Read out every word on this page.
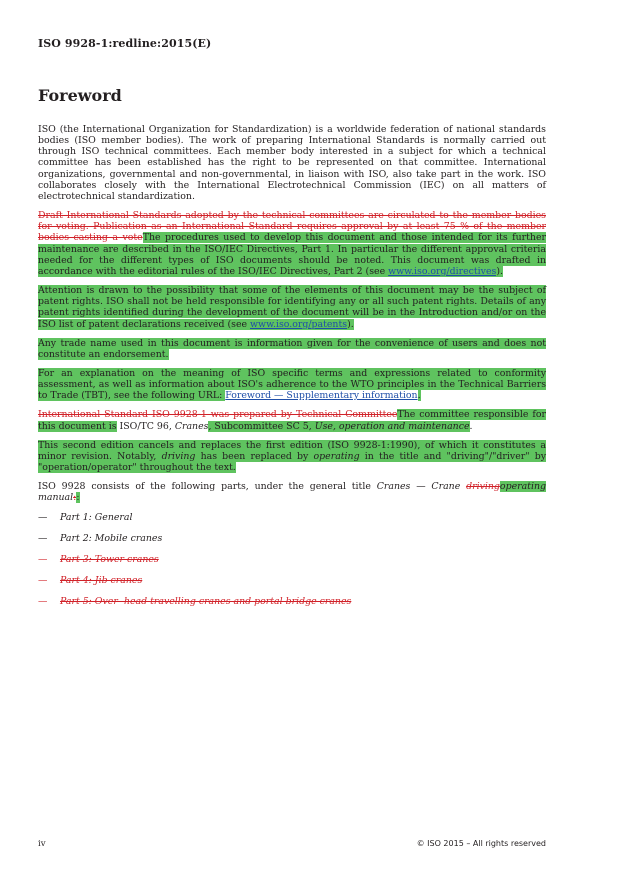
ISO 9928-1:redline:2015(E)
Foreword

ISO (the International Organization for Standardization) is a worldwide federation of national standards bodies (ISO member bodies). The work of preparing International Standards is normally carried out through ISO technical committees. Each member body interested in a subject for which a technical committee has been established has the right to be represented on that committee. International organizations, governmental and non-governmental, in liaison with ISO, also take part in the work. ISO collaborates closely with the International Electrotechnical Commission (IEC) on all matters of electrotechnical standardization.

Draft International Standards adopted by the technical committees are circulated to the member bodies for voting. Publication as an International Standard requires approval by at least 75 % of the member bodies casting a voteThe procedures used to develop this document and those intended for its further maintenance are described in the ISO/IEC Directives, Part 1. In particular the different approval criteria needed for the different types of ISO documents should be noted. This document was drafted in accordance with the editorial rules of the ISO/IEC Directives, Part 2 (see www.iso.org/directives).

Attention is drawn to the possibility that some of the elements of this document may be the subject of patent rights. ISO shall not be held responsible for identifying any or all such patent rights. Details of any patent rights identified during the development of the document will be in the Introduction and/or on the ISO list of patent declarations received (see www.iso.org/patents).

Any trade name used in this document is information given for the convenience of users and does not constitute an endorsement.

For an explanation on the meaning of ISO specific terms and expressions related to conformity assessment, as well as information about ISO's adherence to the WTO principles in the Technical Barriers to Trade (TBT), see the following URL: Foreword — Supplementary information.

International Standard ISO 9928-1 was prepared by Technical CommitteeThe committee responsible for this document is ISO/TC 96, Cranes, Subcommittee SC 5, Use, operation and maintenance.

This second edition cancels and replaces the first edition (ISO 9928-1:1990), of which it constitutes a minor revision. Notably, driving has been replaced by operating in the title and "driving"/"driver" by "operation/operator" throughout the text.

ISO 9928 consists of the following parts, under the general title Cranes — Crane drivingoperating manual::

— Part 1: General
— Part 2: Mobile cranes
— Part 3: Tower cranes
— Part 4: Jib cranes
— Part 5: Over- head travelling cranes and portal bridge cranes
iv	© ISO 2015 – All rights reserved
